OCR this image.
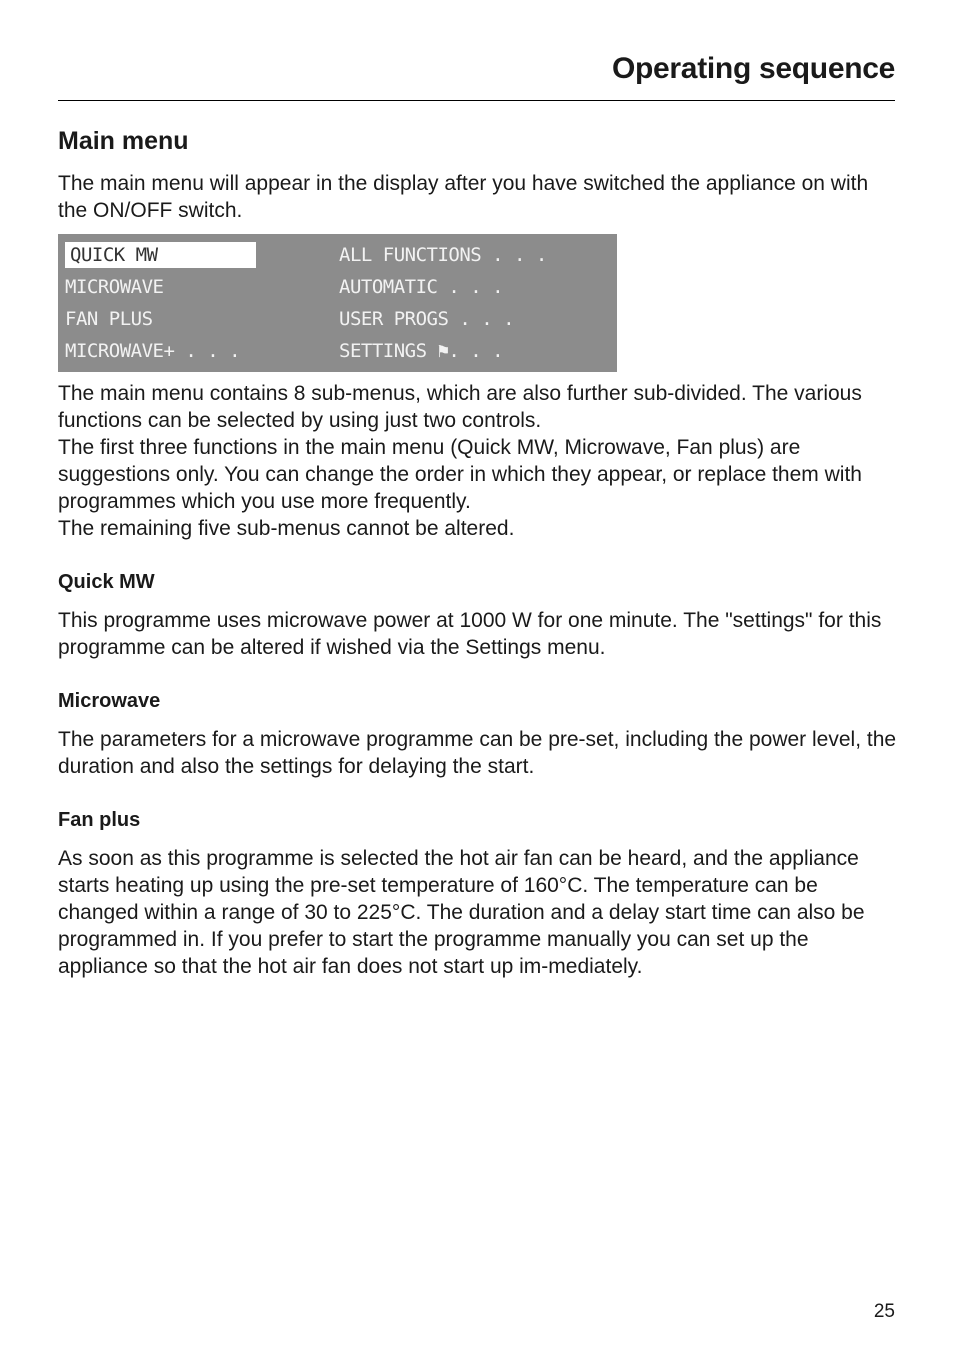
Operating sequence
Main menu

The main menu will appear in the display after you have switched the appliance on with the ON/OFF switch.

QUICK MW
MICROWAVE
FAN PLUS
MICROWAVE+ . . .
ALL FUNCTIONS . . .
AUTOMATIC . . .
USER PROGS . . .
SETTINGS ⚑. . .

The main menu contains 8 sub-menus, which are also further sub-divided. The various functions can be selected by using just two controls.

The first three functions in the main menu (Quick MW, Microwave, Fan plus) are suggestions only. You can change the order in which they appear, or replace them with programmes which you use more frequently.

The remaining five sub-menus cannot be altered.

Quick MW

This programme uses microwave power at 1000 W for one minute. The "settings" for this programme can be altered if wished via the Settings menu.

Microwave

The parameters for a microwave programme can be pre-set, including the power level, the duration and also the settings for delaying the start.

Fan plus

As soon as this programme is selected the hot air fan can be heard, and the appliance starts heating up using the pre-set temperature of 160°C. The temperature can be changed within a range of 30 to 225°C. The duration and a delay start time can also be programmed in. If you prefer to start the programme manually you can set up the appliance so that the hot air fan does not start up im-mediately.

25
